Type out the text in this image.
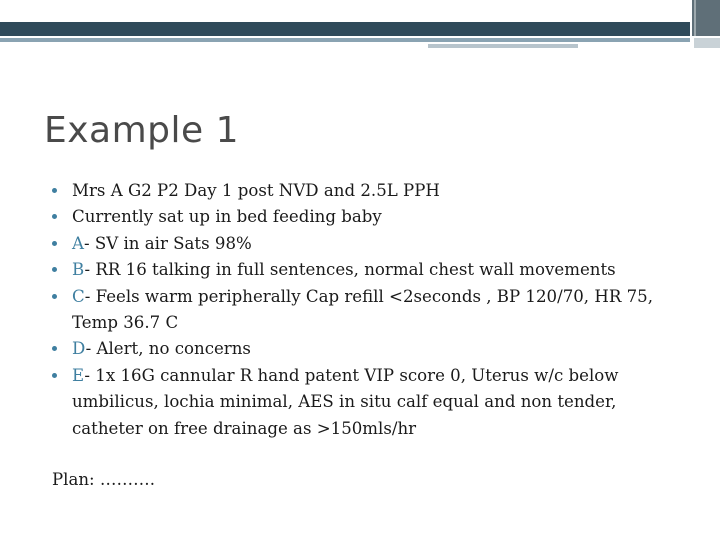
Example 1
Mrs A G2 P2 Day 1 post NVD and 2.5L PPH
Currently sat up in bed feeding baby
A- SV in air Sats 98%
B- RR 16 talking in full sentences, normal chest wall movements
C- Feels warm peripherally Cap refill <2seconds , BP 120/70, HR 75, Temp 36.7 C
D- Alert, no concerns
E- 1x 16G cannular R hand patent VIP score 0, Uterus w/c below umbilicus, lochia minimal, AES in situ calf equal and non tender, catheter on free drainage as >150mls/hr

Plan: ……….
